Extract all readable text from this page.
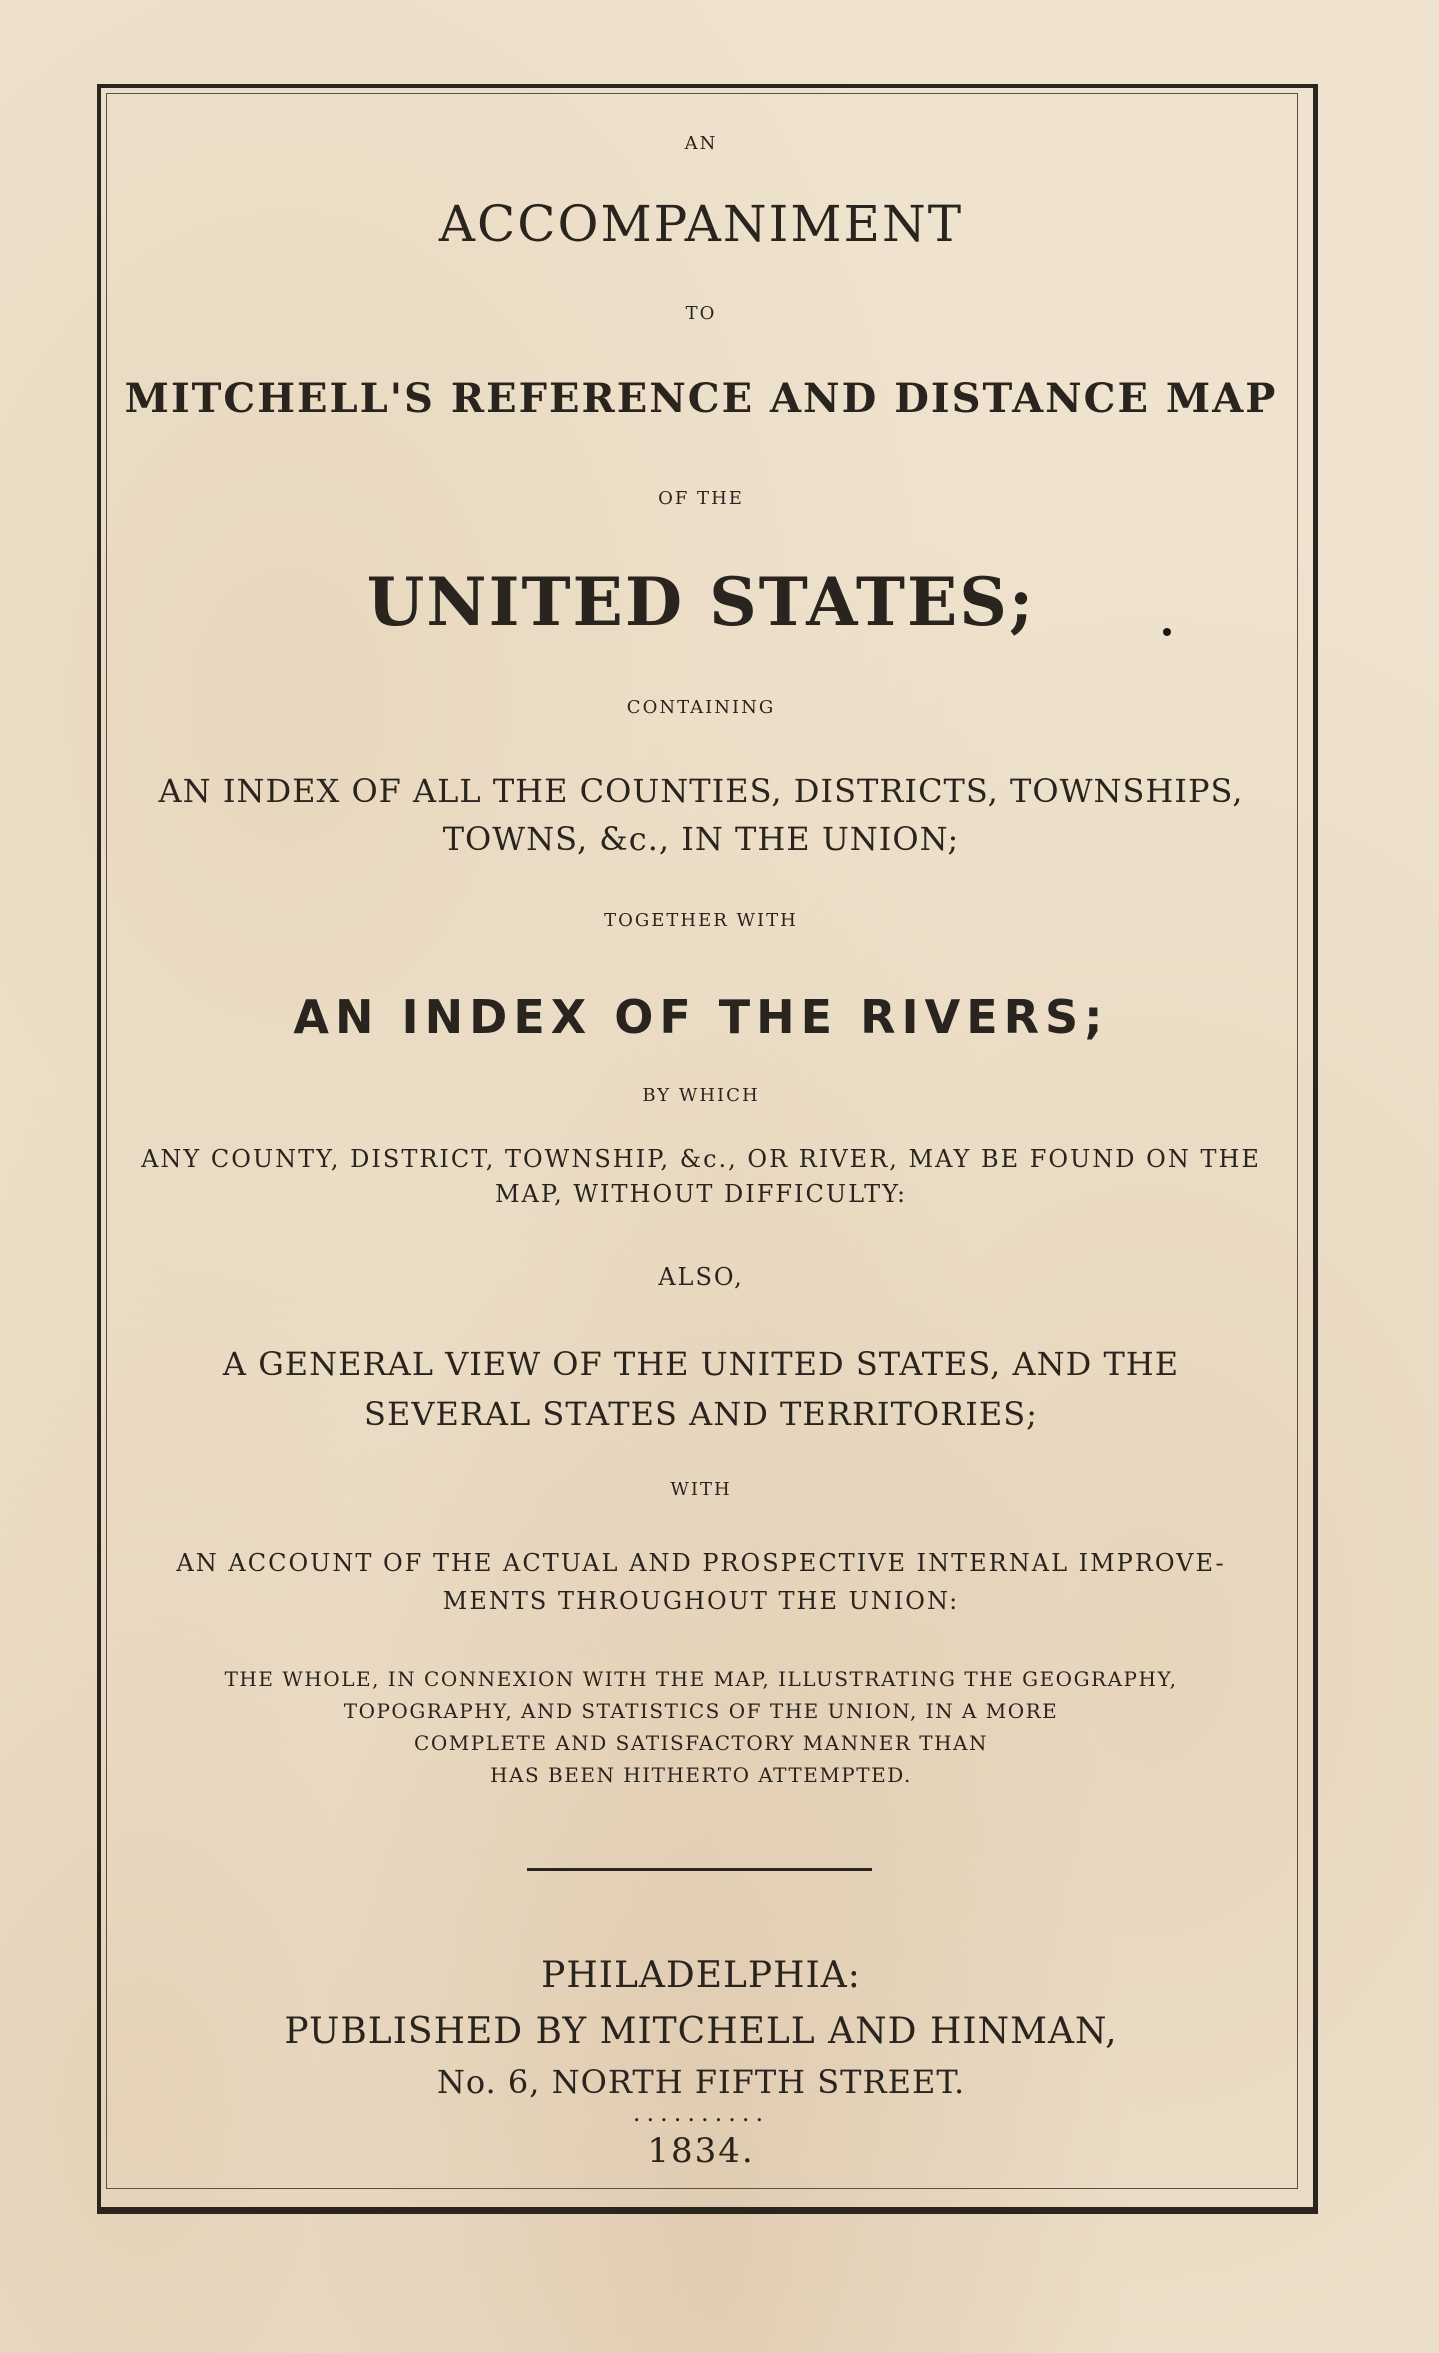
AN
ACCOMPANIMENT
TO
MITCHELL'S REFERENCE AND DISTANCE MAP
OF THE
UNITED STATES;
CONTAINING
AN INDEX OF ALL THE COUNTIES, DISTRICTS, TOWNSHIPS,
TOWNS, &c., IN THE UNION;
TOGETHER WITH
AN INDEX OF THE RIVERS;
BY WHICH
ANY COUNTY, DISTRICT, TOWNSHIP, &c., OR RIVER, MAY BE FOUND ON THE
MAP, WITHOUT DIFFICULTY:
ALSO,
A GENERAL VIEW OF THE UNITED STATES, AND THE
SEVERAL STATES AND TERRITORIES;
WITH
AN ACCOUNT OF THE ACTUAL AND PROSPECTIVE INTERNAL IMPROVE-
MENTS THROUGHOUT THE UNION:
THE WHOLE, IN CONNEXION WITH THE MAP, ILLUSTRATING THE GEOGRAPHY,
TOPOGRAPHY, AND STATISTICS OF THE UNION, IN A MORE
COMPLETE AND SATISFACTORY MANNER THAN
HAS BEEN HITHERTO ATTEMPTED.
PHILADELPHIA:
PUBLISHED BY MITCHELL AND HINMAN,
No. 6, NORTH FIFTH STREET.
..........
1834.
